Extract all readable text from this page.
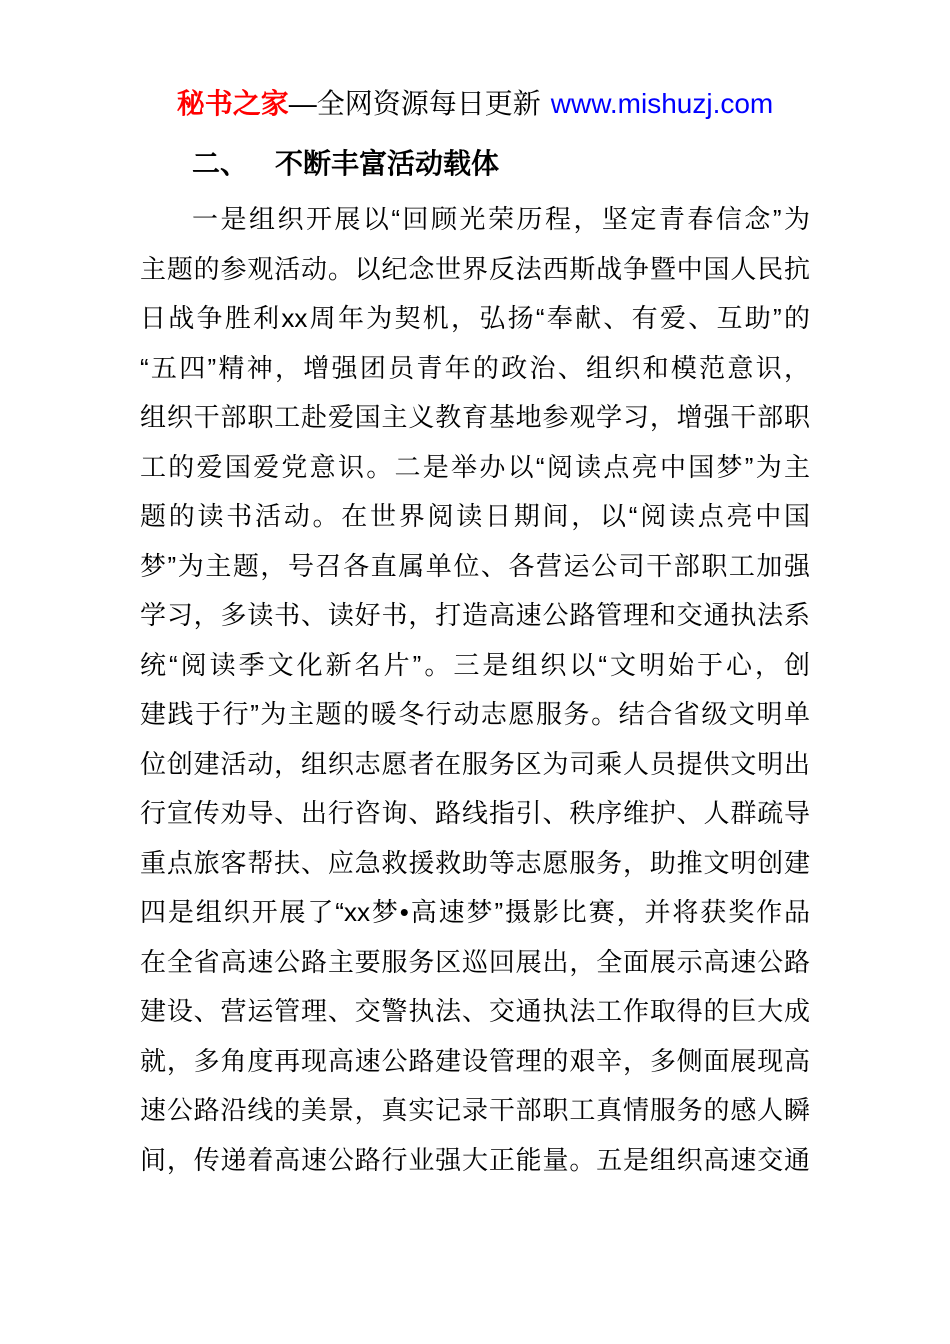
秘书之家—全网资源每日更新 www.mishuzj.com
二、 不断丰富活动载体
一是组织开展以“回顾光荣历程，坚定青春信念”为
主题的参观活动。以纪念世界反法西斯战争暨中国人民抗
日战争胜利xx周年为契机，弘扬“奉献、有爱、互助”的
“五四”精神，增强团员青年的政治、组织和模范意识，
组织干部职工赴爱国主义教育基地参观学习，增强干部职
工的爱国爱党意识。二是举办以“阅读点亮中国梦”为主
题的读书活动。在世界阅读日期间，以“阅读点亮中国
梦”为主题，号召各直属单位、各营运公司干部职工加强
学习，多读书、读好书，打造高速公路管理和交通执法系
统“阅读季文化新名片”。三是组织以“文明始于心，创
建践于行”为主题的暖冬行动志愿服务。结合省级文明单
位创建活动，组织志愿者在服务区为司乘人员提供文明出
行宣传劝导、出行咨询、路线指引、秩序维护、人群疏导
重点旅客帮扶、应急救援救助等志愿服务，助推文明创建
四是组织开展了“xx梦•高速梦”摄影比赛，并将获奖作品
在全省高速公路主要服务区巡回展出，全面展示高速公路
建设、营运管理、交警执法、交通执法工作取得的巨大成
就，多角度再现高速公路建设管理的艰辛，多侧面展现高
速公路沿线的美景，真实记录干部职工真情服务的感人瞬
间，传递着高速公路行业强大正能量。五是组织高速交通
